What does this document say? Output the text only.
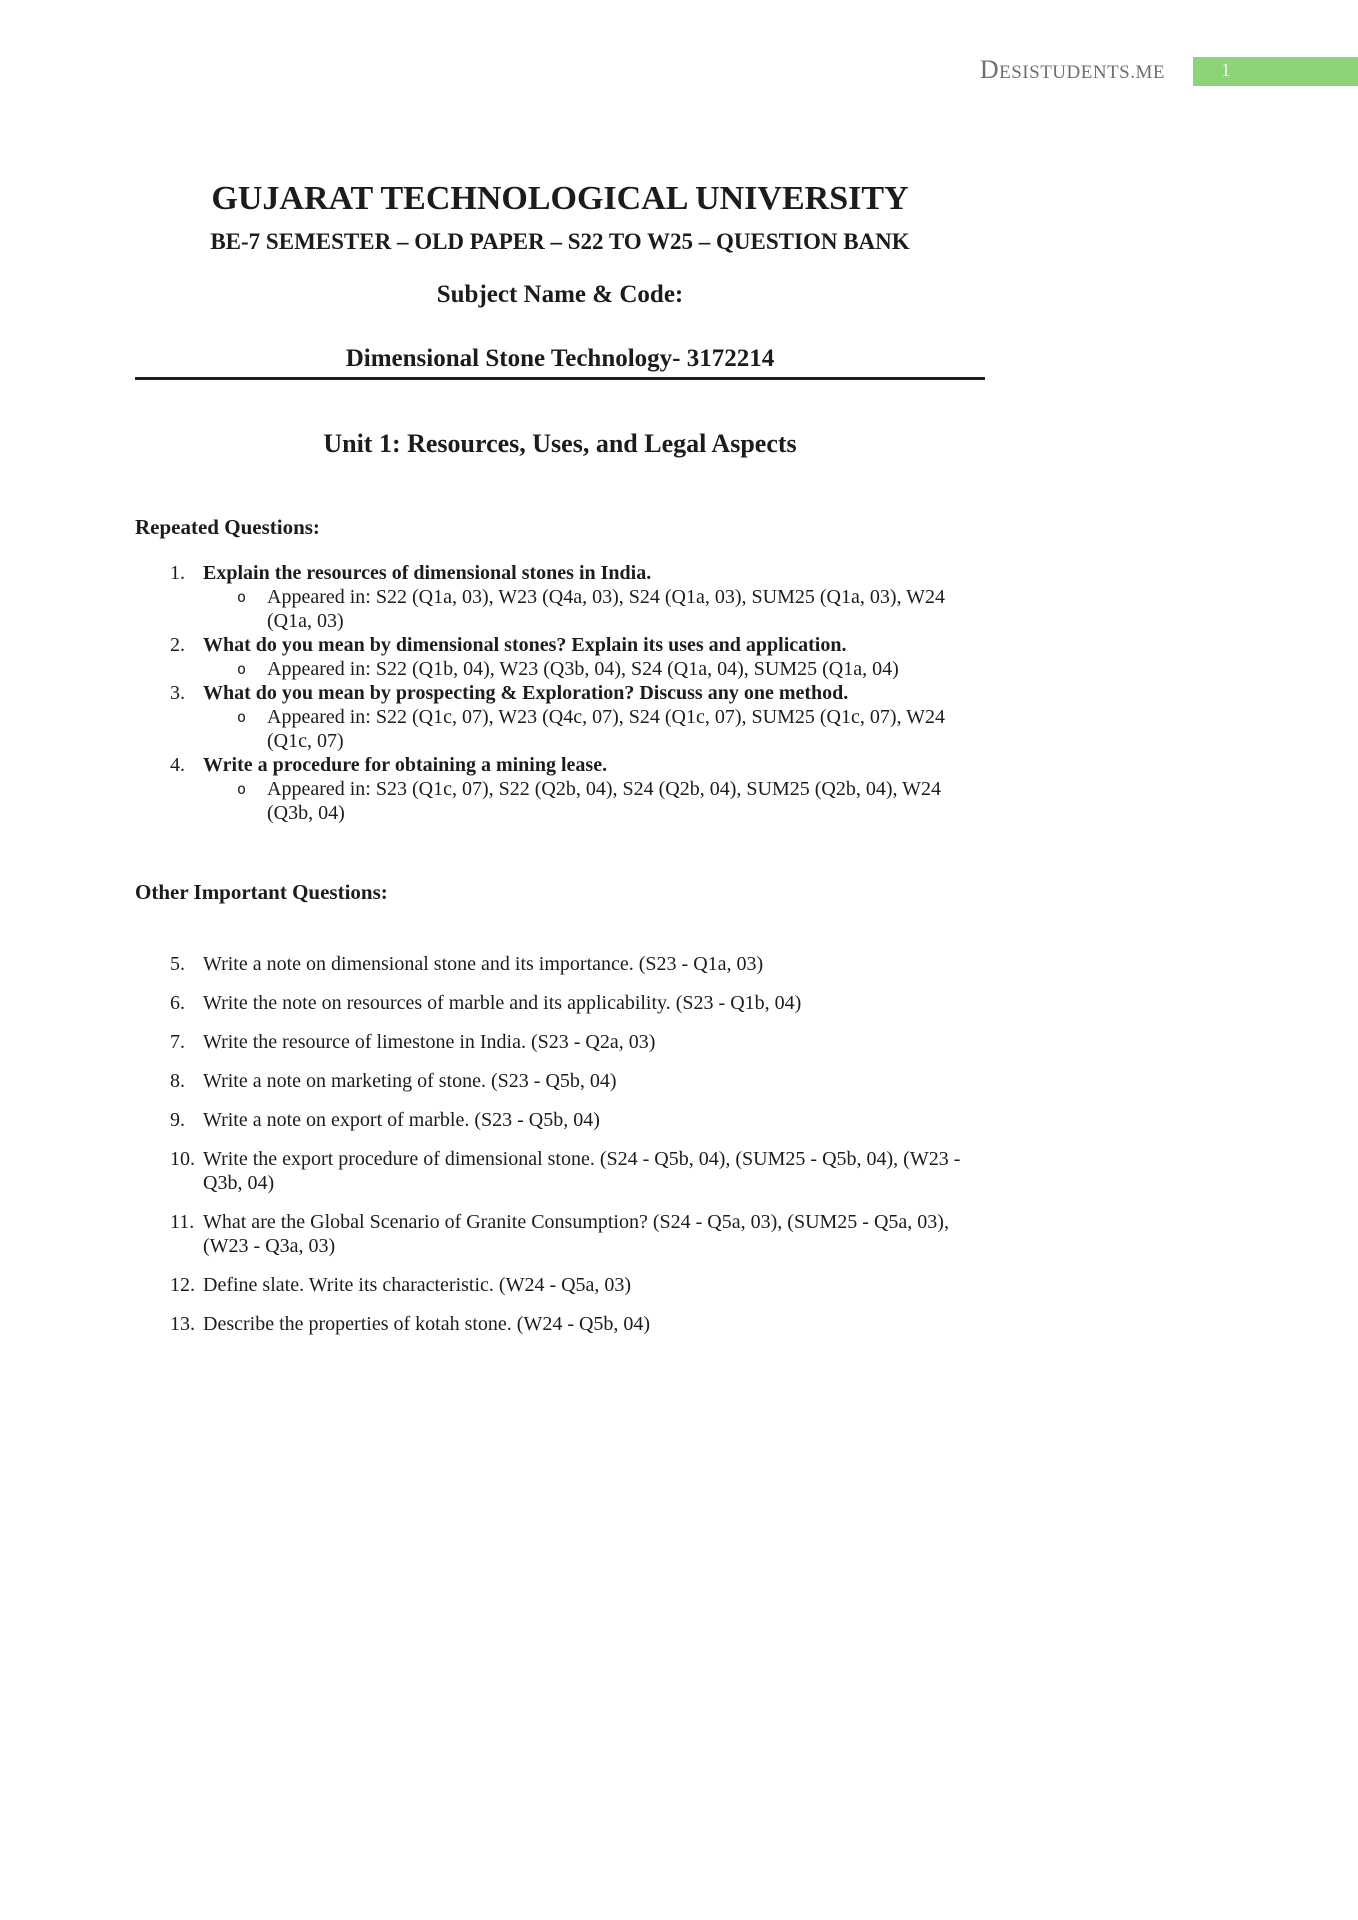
DESISTUDENTS.ME	1
GUJARAT TECHNOLOGICAL UNIVERSITY
BE-7 SEMESTER – OLD PAPER – S22 TO W25 – QUESTION BANK
Subject Name & Code:
Dimensional Stone Technology- 3172214
Unit 1: Resources, Uses, and Legal Aspects
Repeated Questions:
1. Explain the resources of dimensional stones in India.
o	Appeared in: S22 (Q1a, 03), W23 (Q4a, 03), S24 (Q1a, 03), SUM25 (Q1a, 03), W24 (Q1a, 03)
2. What do you mean by dimensional stones? Explain its uses and application.
o	Appeared in: S22 (Q1b, 04), W23 (Q3b, 04), S24 (Q1a, 04), SUM25 (Q1a, 04)
3. What do you mean by prospecting & Exploration? Discuss any one method.
o	Appeared in: S22 (Q1c, 07), W23 (Q4c, 07), S24 (Q1c, 07), SUM25 (Q1c, 07), W24 (Q1c, 07)
4. Write a procedure for obtaining a mining lease.
o	Appeared in: S23 (Q1c, 07), S22 (Q2b, 04), S24 (Q2b, 04), SUM25 (Q2b, 04), W24 (Q3b, 04)
Other Important Questions:
5. Write a note on dimensional stone and its importance. (S23 - Q1a, 03)
6. Write the note on resources of marble and its applicability. (S23 - Q1b, 04)
7. Write the resource of limestone in India. (S23 - Q2a, 03)
8. Write a note on marketing of stone. (S23 - Q5b, 04)
9. Write a note on export of marble. (S23 - Q5b, 04)
10. Write the export procedure of dimensional stone. (S24 - Q5b, 04), (SUM25 - Q5b, 04), (W23 - Q3b, 04)
11. What are the Global Scenario of Granite Consumption? (S24 - Q5a, 03), (SUM25 - Q5a, 03), (W23 - Q3a, 03)
12. Define slate. Write its characteristic. (W24 - Q5a, 03)
13. Describe the properties of kotah stone. (W24 - Q5b, 04)
